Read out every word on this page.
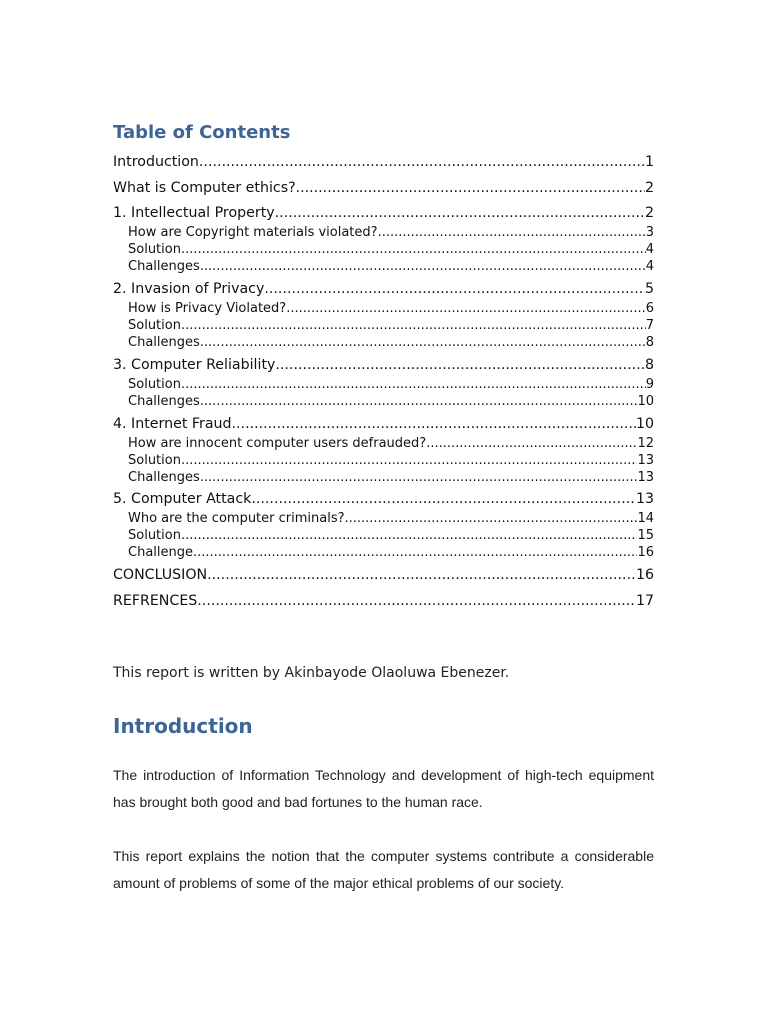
Table of Contents
Introduction .....	1
What is Computer ethics? .....	2
1. Intellectual Property .....	2
How are Copyright materials violated? .....	3
Solution .....	4
Challenges .....	4
2. Invasion of Privacy .....	5
How is Privacy Violated? .....	6
Solution .....	7
Challenges .....	8
3. Computer Reliability .....	8
Solution .....	9
Challenges .....	10
4. Internet Fraud .....	10
How are innocent computer users defrauded? .....	12
Solution .....	13
Challenges .....	13
5. Computer Attack .....	13
Who are the computer criminals? .....	14
Solution .....	15
Challenge .....	16
CONCLUSION .....	16
REFRENCES .....	17
This report is written by Akinbayode Olaoluwa Ebenezer.
Introduction
The introduction of Information Technology and development of high-tech equipment has brought both good and bad fortunes to the human race.
This report explains the notion that the computer systems contribute a considerable amount of problems of some of the major ethical problems of our society.
